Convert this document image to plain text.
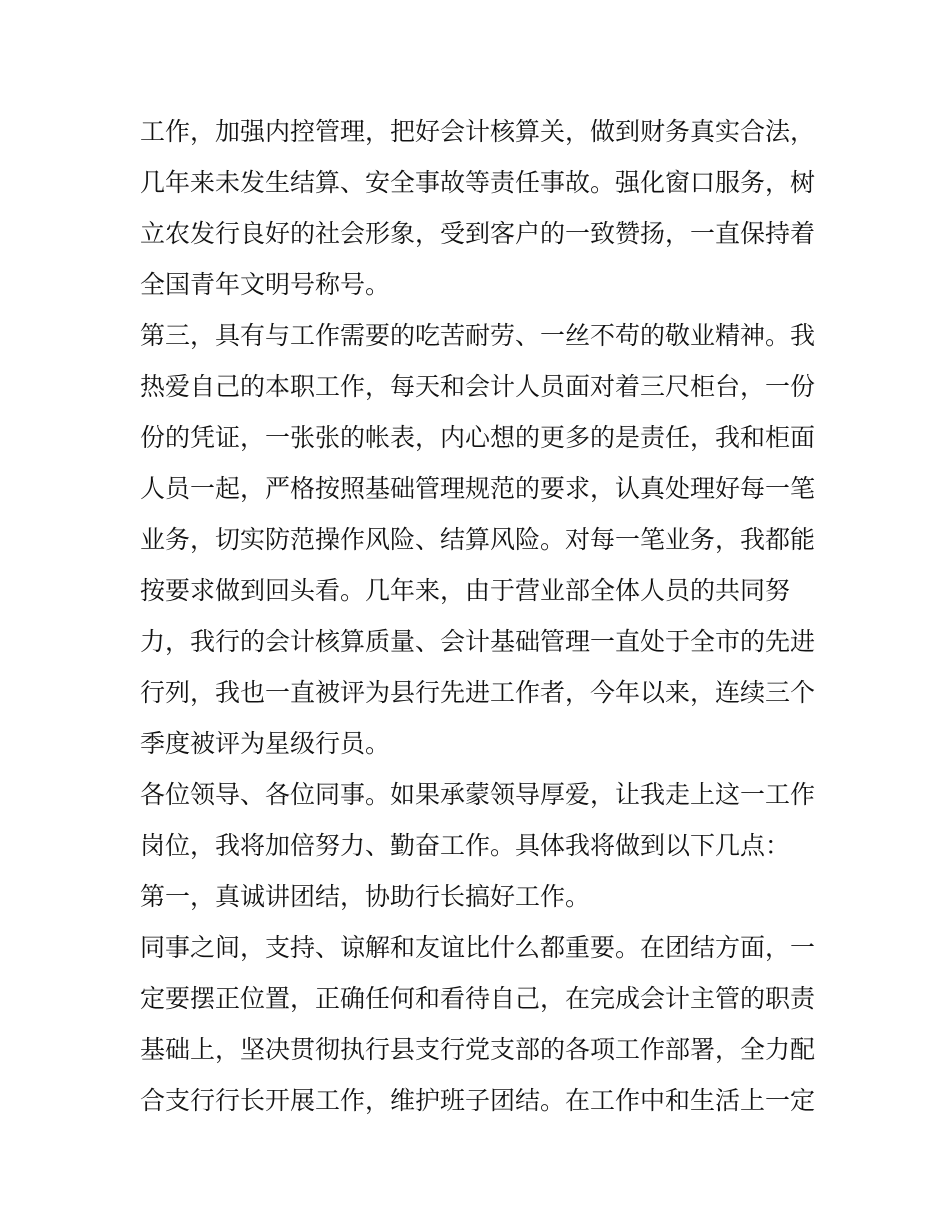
工作，加强内控管理，把好会计核算关，做到财务真实合法，
几年来未发生结算、安全事故等责任事故。强化窗口服务，树
立农发行良好的社会形象，受到客户的一致赞扬，一直保持着
全国青年文明号称号。
第三，具有与工作需要的吃苦耐劳、一丝不苟的敬业精神。我
热爱自己的本职工作，每天和会计人员面对着三尺柜台，一份
份的凭证，一张张的帐表，内心想的更多的是责任，我和柜面
人员一起，严格按照基础管理规范的要求，认真处理好每一笔
业务，切实防范操作风险、结算风险。对每一笔业务，我都能
按要求做到回头看。几年来，由于营业部全体人员的共同努
力，我行的会计核算质量、会计基础管理一直处于全市的先进
行列，我也一直被评为县行先进工作者，今年以来，连续三个
季度被评为星级行员。
各位领导、各位同事。如果承蒙领导厚爱，让我走上这一工作
岗位，我将加倍努力、勤奋工作。具体我将做到以下几点：
第一，真诚讲团结，协助行长搞好工作。
同事之间，支持、谅解和友谊比什么都重要。在团结方面，一
定要摆正位置，正确任何和看待自己，在完成会计主管的职责
基础上，坚决贯彻执行县支行党支部的各项工作部署，全力配
合支行行长开展工作，维护班子团结。在工作中和生活上一定
